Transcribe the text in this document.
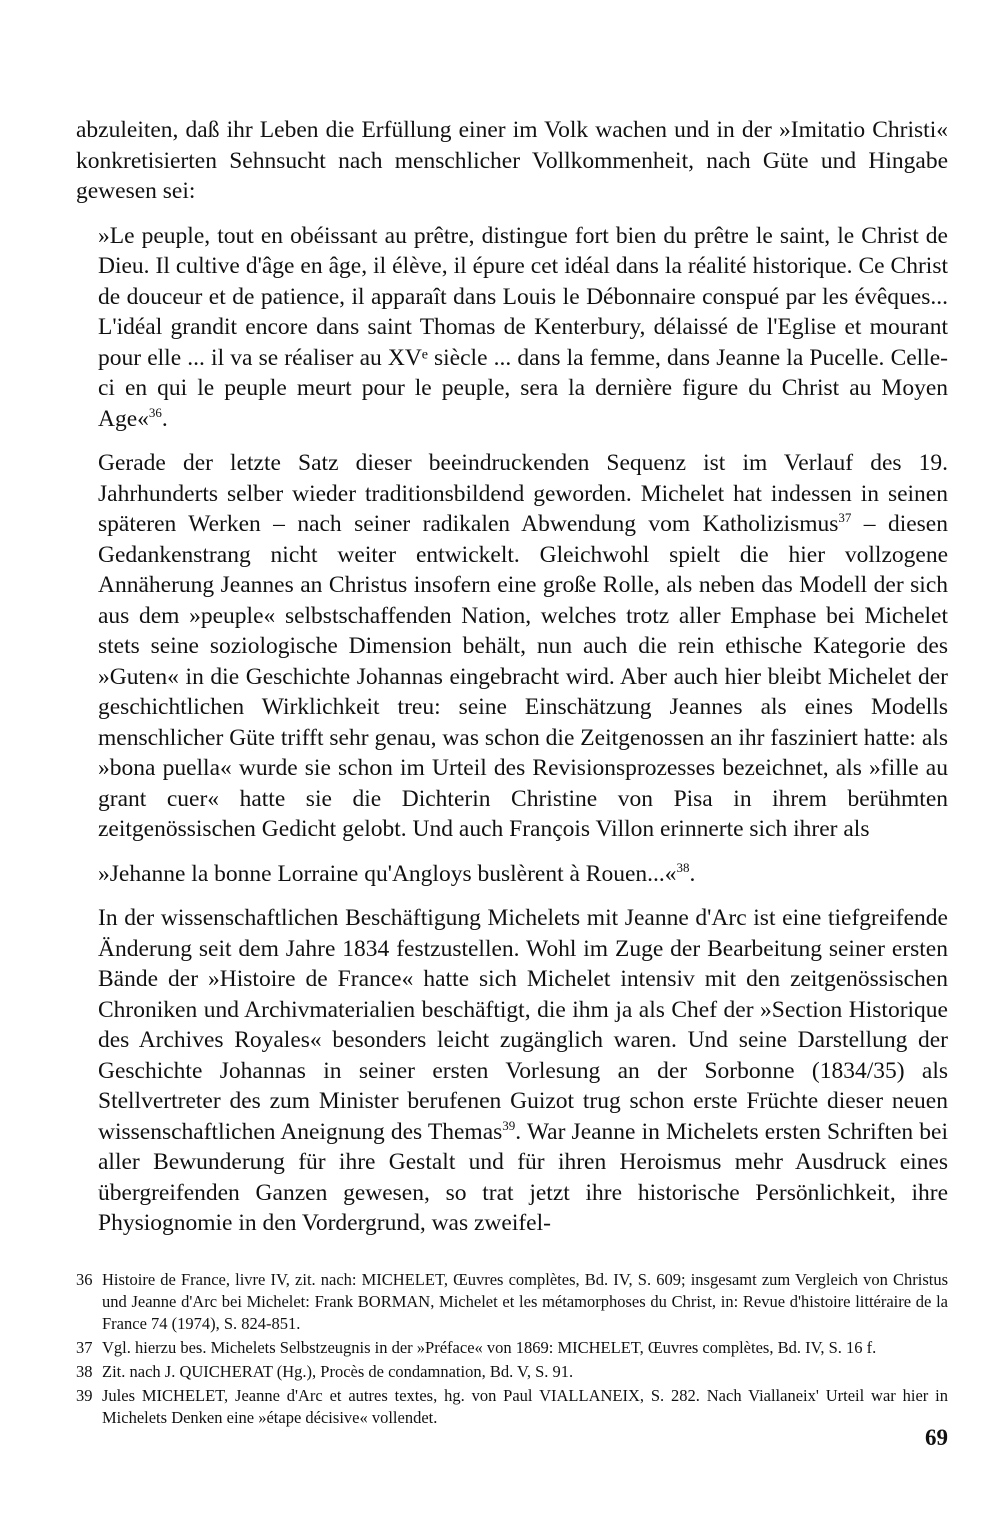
abzuleiten, daß ihr Leben die Erfüllung einer im Volk wachen und in der »Imitatio Christi« konkretisierten Sehnsucht nach menschlicher Vollkommenheit, nach Güte und Hingabe gewesen sei:

»Le peuple, tout en obéissant au prêtre, distingue fort bien du prêtre le saint, le Christ de Dieu. Il cultive d'âge en âge, il élève, il épure cet idéal dans la réalité historique. Ce Christ de douceur et de patience, il apparaît dans Louis le Débonnaire conspué par les évêques... L'idéal grandit encore dans saint Thomas de Kenterbury, délaissé de l'Eglise et mourant pour elle ... il va se réaliser au XVᵉ siècle ... dans la femme, dans Jeanne la Pucelle. Celle-ci en qui le peuple meurt pour le peuple, sera la dernière figure du Christ au Moyen Age«$^{36}$.

Gerade der letzte Satz dieser beeindruckenden Sequenz ist im Verlauf des 19. Jahrhunderts selber wieder traditionsbildend geworden. Michelet hat indessen in seinen späteren Werken – nach seiner radikalen Abwendung vom Katholizismus$^{37}$ – diesen Gedankenstrang nicht weiter entwickelt. Gleichwohl spielt die hier vollzogene Annäherung Jeannes an Christus insofern eine große Rolle, als neben das Modell der sich aus dem »peuple« selbstschaffenden Nation, welches trotz aller Emphase bei Michelet stets seine soziologische Dimension behält, nun auch die rein ethische Kategorie des »Guten« in die Geschichte Johannas eingebracht wird. Aber auch hier bleibt Michelet der geschichtlichen Wirklichkeit treu: seine Einschätzung Jeannes als eines Modells menschlicher Güte trifft sehr genau, was schon die Zeitgenossen an ihr fasziniert hatte: als »bona puella« wurde sie schon im Urteil des Revisionsprozesses bezeichnet, als »fille au grant cuer« hatte sie die Dichterin Christine von Pisa in ihrem berühmten zeitgenössischen Gedicht gelobt. Und auch François Villon erinnerte sich ihrer als

»Jehanne la bonne Lorraine qu'Angloys buslèrent à Rouen...«$^{38}$.

In der wissenschaftlichen Beschäftigung Michelets mit Jeanne d'Arc ist eine tiefgreifende Änderung seit dem Jahre 1834 festzustellen. Wohl im Zuge der Bearbeitung seiner ersten Bände der »Histoire de France« hatte sich Michelet intensiv mit den zeitgenössischen Chroniken und Archivmaterialien beschäftigt, die ihm ja als Chef der »Section Historique des Archives Royales« besonders leicht zugänglich waren. Und seine Darstellung der Geschichte Johannas in seiner ersten Vorlesung an der Sorbonne (1834/35) als Stellvertreter des zum Minister berufenen Guizot trug schon erste Früchte dieser neuen wissenschaftlichen Aneignung des Themas$^{39}$. War Jeanne in Michelets ersten Schriften bei aller Bewunderung für ihre Gestalt und für ihren Heroismus mehr Ausdruck eines übergreifenden Ganzen gewesen, so trat jetzt ihre historische Persönlichkeit, ihre Physiognomie in den Vordergrund, was zweifel-

36 Histoire de France, livre IV, zit. nach: MICHELET, Œuvres complètes, Bd. IV, S. 609; insgesamt zum Vergleich von Christus und Jeanne d'Arc bei Michelet: Frank BORMAN, Michelet et les métamorphoses du Christ, in: Revue d'histoire littéraire de la France 74 (1974), S. 824-851.
37 Vgl. hierzu bes. Michelets Selbstzeugnis in der »Préface« von 1869: MICHELET, Œuvres complètes, Bd. IV, S. 16 f.
38 Zit. nach J. QUICHERAT (Hg.), Procès de condamnation, Bd. V, S. 91.
39 Jules MICHELET, Jeanne d'Arc et autres textes, hg. von Paul VIALLANEIX, S. 282. Nach Viallaneix' Urteil war hier in Michelets Denken eine »étape décisive« vollendet.
69
